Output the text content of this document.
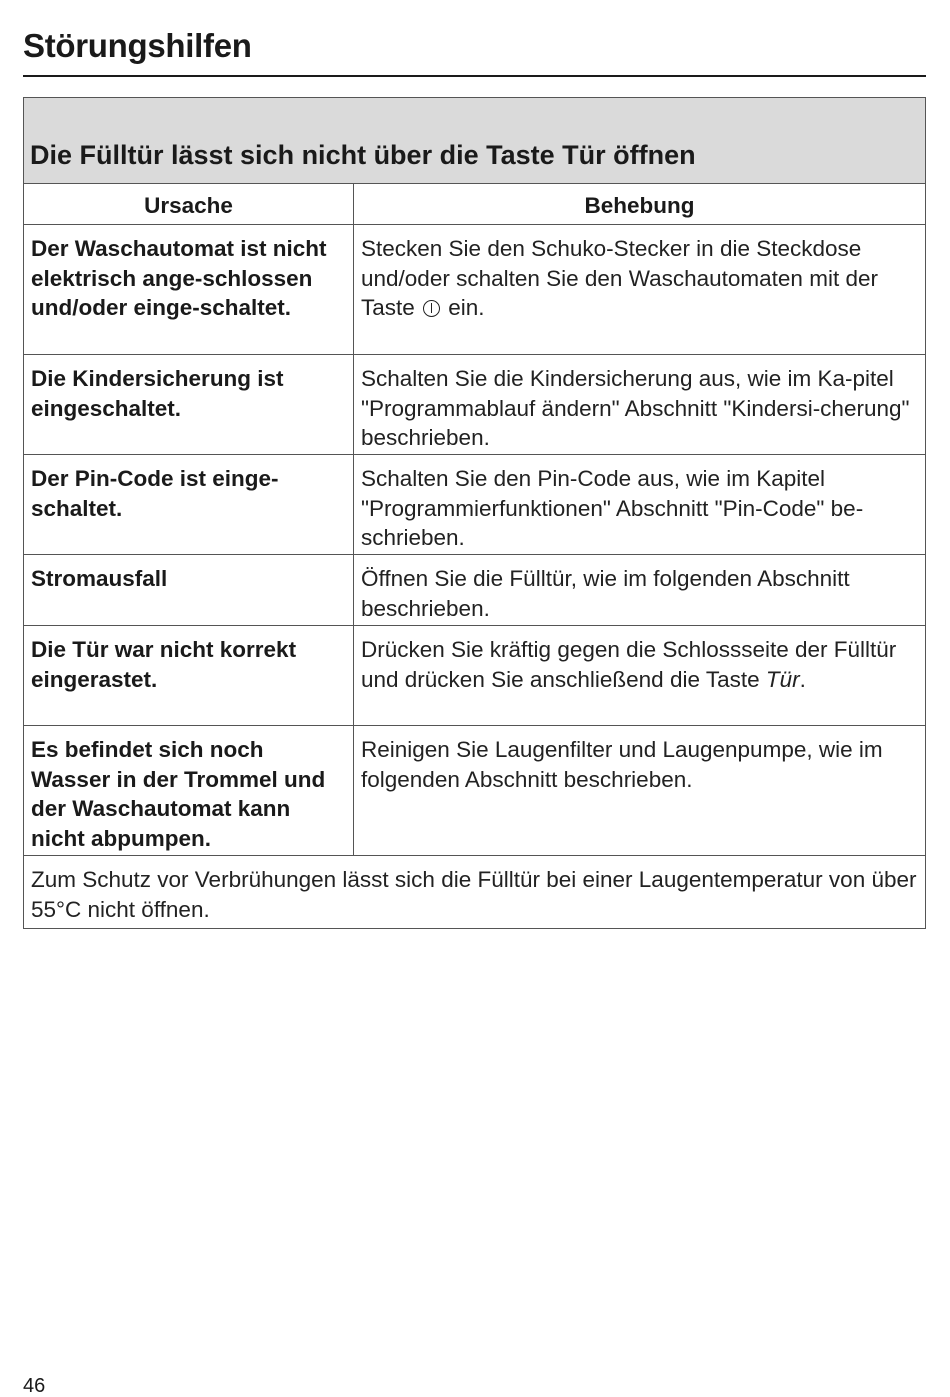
Störungshilfen
Die Fülltür lässt sich nicht über die Taste Tür öffnen	

Ursache	Behebung

Der Waschautomat ist nicht elektrisch ange-schlossen und/oder einge-schaltet.	Stecken Sie den Schuko-Stecker in die Steckdose und/oder schalten Sie den Waschautomaten mit der Taste  ein.
Die Kindersicherung ist eingeschaltet.	Schalten Sie die Kindersicherung aus, wie im Ka-pitel "Programmablauf ändern" Abschnitt "Kindersi-cherung" beschrieben.
Der Pin-Code ist einge-schaltet.	Schalten Sie den Pin-Code aus, wie im Kapitel "Programmierfunktionen" Abschnitt "Pin-Code" be-schrieben.
Stromausfall	Öffnen Sie die Fülltür, wie im folgenden Abschnitt beschrieben.
Die Tür war nicht korrekt eingerastet.	Drücken Sie kräftig gegen die Schlossseite der Fülltür und drücken Sie anschließend die Taste Tür.
Es befindet sich noch Wasser in der Trommel und der Waschautomat kann nicht abpumpen.	Reinigen Sie Laugenfilter und Laugenpumpe, wie im folgenden Abschnitt beschrieben.
Zum Schutz vor Verbrühungen lässt sich die Fülltür bei einer Laugentemperatur von über 55°C nicht öffnen.	
46
